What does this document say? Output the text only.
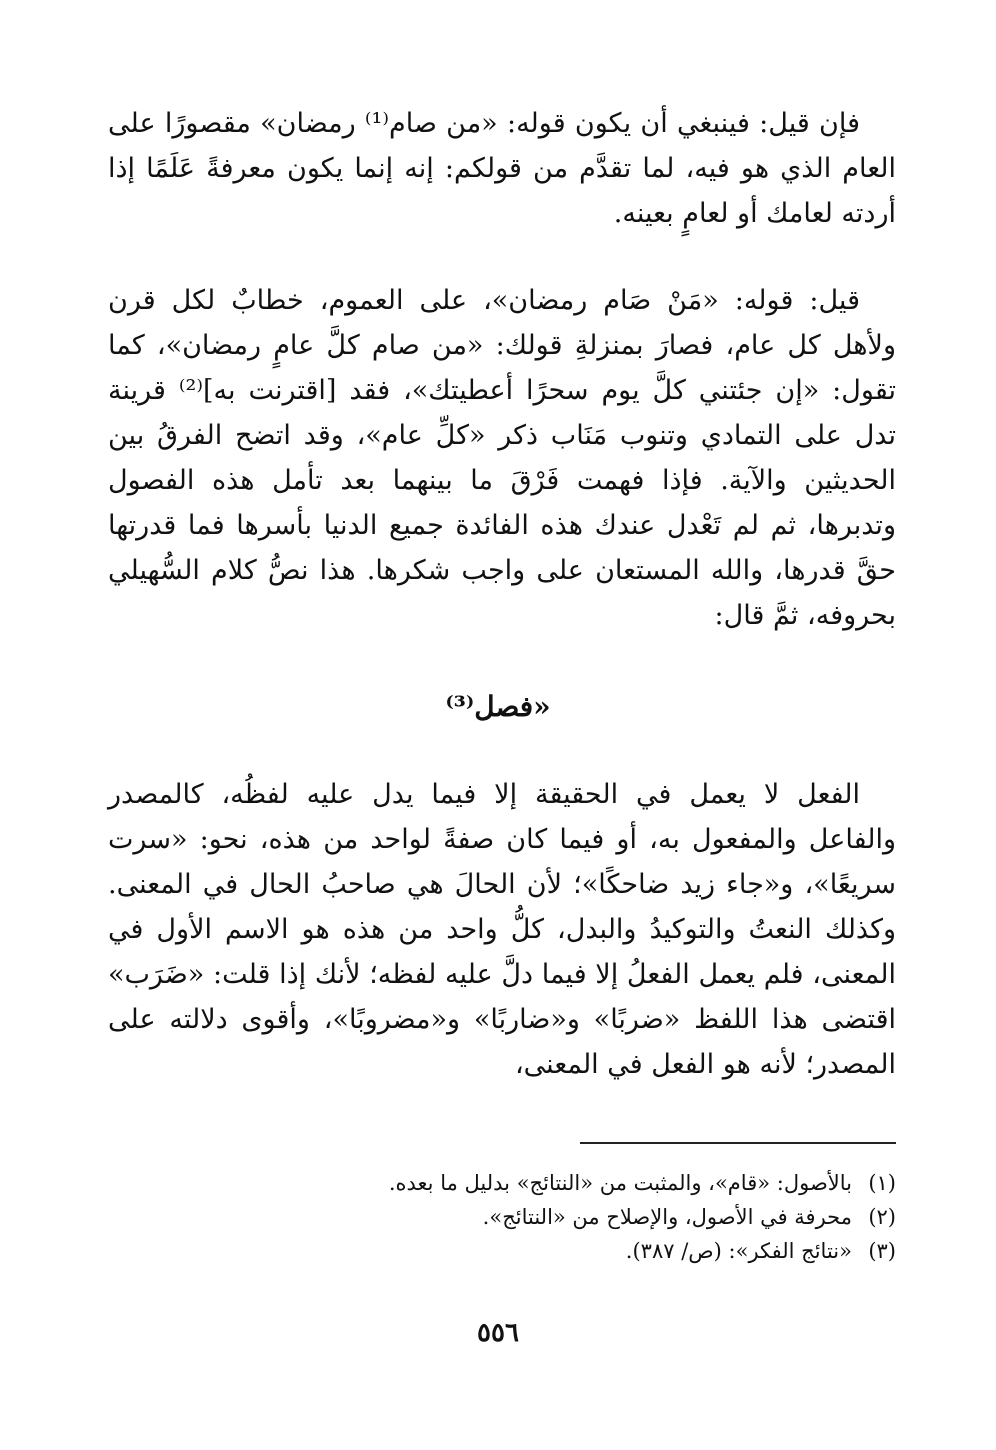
فإن قيل: فينبغي أن يكون قوله: «من صام⁽¹⁾ رمضان» مقصورًا على العام الذي هو فيه، لما تقدَّم من قولكم: إنه إنما يكون معرفةً عَلَمًا إذا أردته لعامك أو لعامٍ بعينه.

قيل: قوله: «مَنْ صَام رمضان»، على العموم، خطابٌ لكل قرن ولأهل كل عام، فصارَ بمنزلةِ قولك: «من صام كلَّ عامٍ رمضان»، كما تقول: «إن جئتني كلَّ يوم سحرًا أعطيتك»، فقد [اقترنت به]⁽²⁾ قرينة تدل على التمادي وتنوب مَنَاب ذكر «كلِّ عام»، وقد اتضح الفرقُ بين الحديثين والآية. فإذا فهمت فَرْقَ ما بينهما بعد تأمل هذه الفصول وتدبرها، ثم لم تَعْدل عندك هذه الفائدة جميع الدنيا بأسرها فما قدرتها حقَّ قدرها، والله المستعان على واجب شكرها. هذا نصُّ كلام السُّهيلي بحروفه، ثمَّ قال:

«فصل⁽³⁾

الفعل لا يعمل في الحقيقة إلا فيما يدل عليه لفظُه، كالمصدر والفاعل والمفعول به، أو فيما كان صفةً لواحد من هذه، نحو: «سرت سريعًا»، و«جاء زيد ضاحكًا»؛ لأن الحالَ هي صاحبُ الحال في المعنى. وكذلك النعتُ والتوكيدُ والبدل، كلُّ واحد من هذه هو الاسم الأول في المعنى، فلم يعمل الفعلُ إلا فيما دلَّ عليه لفظه؛ لأنك إذا قلت: «ضَرَب» اقتضى هذا اللفظ «ضربًا» و«ضاربًا» و«مضروبًا»، وأقوى دلالته على المصدر؛ لأنه هو الفعل في المعنى،

(١)بالأصول: «قام»، والمثبت من «النتائج» بدليل ما بعده.
(٢)محرفة في الأصول، والإصلاح من «النتائج».
(٣)«نتائج الفكر»: (ص/ ٣٨٧).
٥٥٦
